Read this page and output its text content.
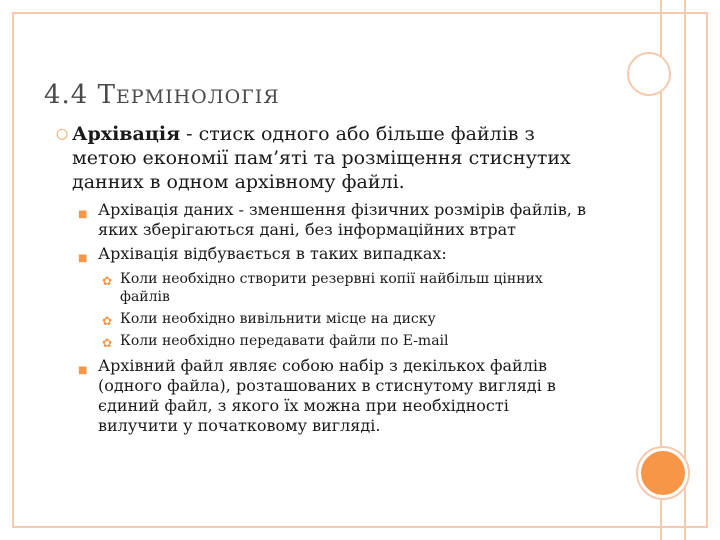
4.4 ТЕРМІНОЛОГІЯ
○ Архівація - стиск одного або більше файлів з метою економії пам’яті та розміщення стиснутих данних в одном архівному файлі.
■ Архівація даних - зменшення фізичних розмірів файлів, в яких зберігаються дані, без інформаційних втрат
■ Архівація відбувається в таких випадках:
✿ Коли необхідно створити резервні копії найбільш цінних файлів
✿ Коли необхідно вивільнити місце на диску
✿ Коли необхідно передавати файли по E-mail
■ Архівний файл являє собою набір з декількох файлів (одного файла), розташованих в стиснутому вигляді в єдиний файл, з якого їх можна при необхідності вилучити у початковому вигляді.
